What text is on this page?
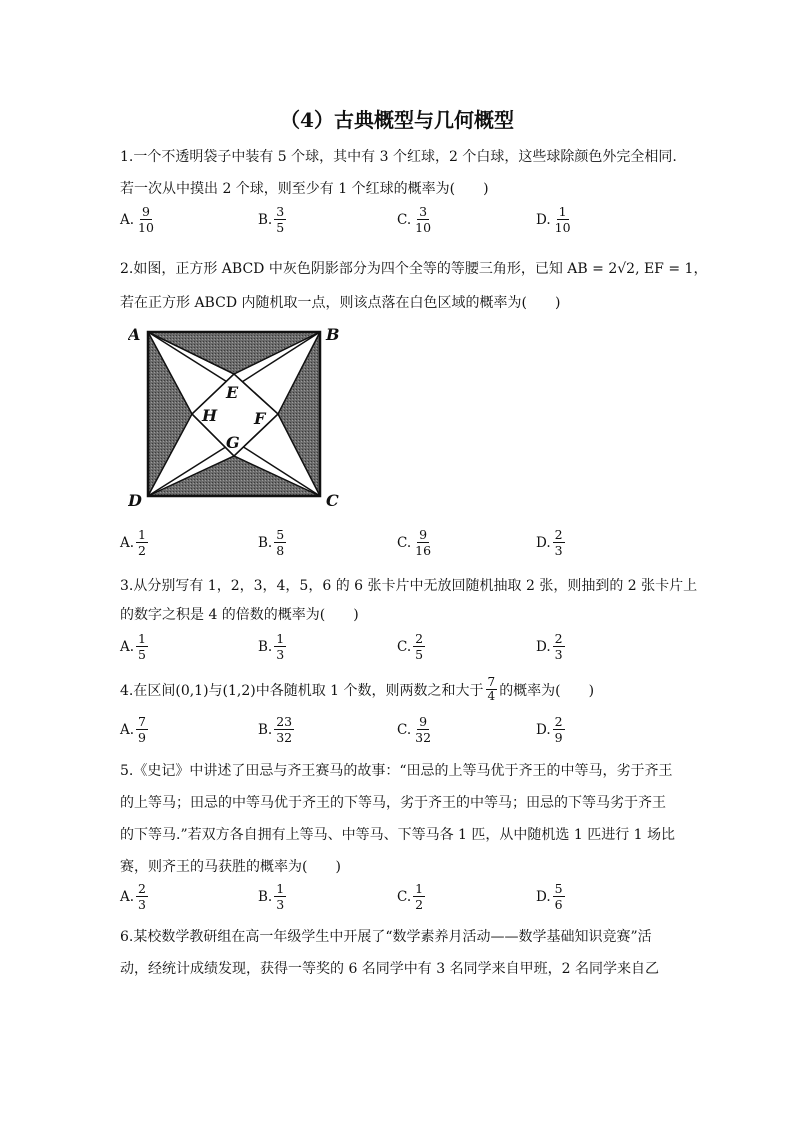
（4）古典概型与几何概型
1.一个不透明袋子中装有 5 个球，其中有 3 个红球，2 个白球，这些球除颜色外完全相同.
若一次从中摸出 2 个球，则至少有 1 个红球的概率为(　　)
A. $\frac{9}{10}$	B. $\frac{3}{5}$	C. $\frac{3}{10}$	D. $\frac{1}{10}$
2.如图，正方形 ABCD 中灰色阴影部分为四个全等的等腰三角形，已知 AB = 2√2, EF = 1，
若在正方形 ABCD 内随机取一点，则该点落在白色区域的概率为(　　)
A	B
C
D
E
F
G
H
A. $\frac{1}{2}$	B. $\frac{5}{8}$	C. $\frac{9}{16}$	D. $\frac{2}{3}$
3.从分别写有 1，2，3，4，5，6 的 6 张卡片中无放回随机抽取 2 张，则抽到的 2 张卡片上
的数字之积是 4 的倍数的概率为(　　)
A. $\frac{1}{5}$	B. $\frac{1}{3}$	C. $\frac{2}{5}$	D. $\frac{2}{3}$
4.在区间(0,1)与(1,2)中各随机取 1 个数，则两数之和大于
7
4 的概率为(　　)
A. $\frac{7}{9}$	B. $\frac{23}{32}$	C. $\frac{9}{32}$	D. $\frac{2}{9}$
5.《史记》中讲述了田忌与齐王赛马的故事：“田忌的上等马优于齐王的中等马，劣于齐王
的上等马；田忌的中等马优于齐王的下等马，劣于齐王的中等马；田忌的下等马劣于齐王
的下等马.”若双方各自拥有上等马、中等马、下等马各 1 匹，从中随机选 1 匹进行 1 场比
赛，则齐王的马获胜的概率为(　　)
A. $\frac{2}{3}$	B. $\frac{1}{3}$	C. $\frac{1}{2}$	D. $\frac{5}{6}$
6.某校数学教研组在高一年级学生中开展了“数学素养月活动——数学基础知识竞赛”活
动，经统计成绩发现，获得一等奖的 6 名同学中有 3 名同学来自甲班，2 名同学来自乙
